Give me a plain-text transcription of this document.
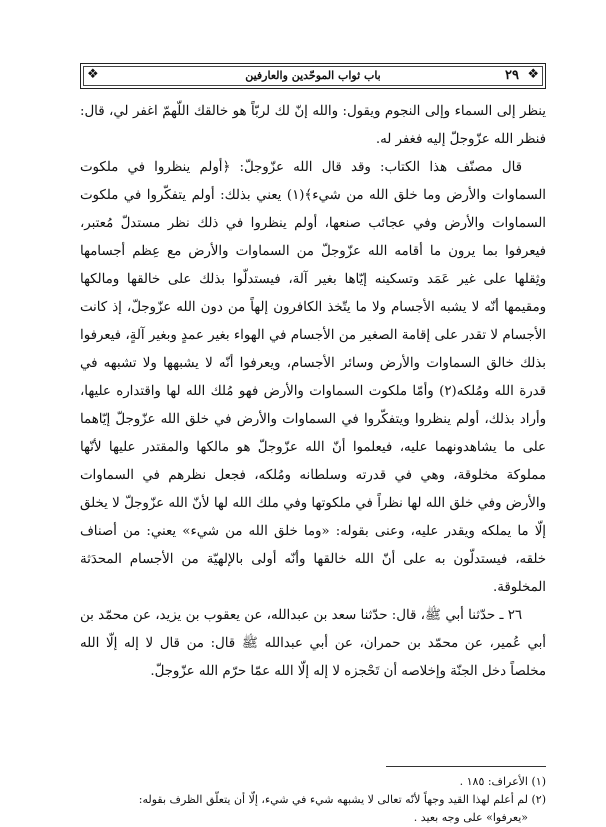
❖	باب ثواب الموحّدين والعارفين	٢٩ ❖

ينظر إلى السماء وإلى النجوم ويقول: والله إنّ لك لربّاً هو خالقك اللّهمّ اغفر لي، قال: فنظر الله عزّوجلّ إليه فغفر له.

قال مصنّف هذا الكتاب: وقد قال الله عزّوجلّ: ﴿أولم ينظروا في ملكوت السماوات والأرض وما خلق الله من شيء﴾(١) يعني بذلك: أولم يتفكّروا في ملكوت السماوات والأرض وفي عجائب صنعها، أولم ينظروا في ذلك نظر مستدلّ مُعتبر، فيعرفوا بما يرون ما أقامه الله عزّوجلّ من السماوات والأرض مع عِظم أجسامها وثِقلها على غير عَمَد وتسكينه إيّاها بغير آلة، فيستدلّوا بذلك على خالقها ومالكها ومقيمها أنّه لا يشبه الأجسام ولا ما يتّخذ الكافرون إلهاً من دون الله عزّوجلّ، إذ كانت الأجسام لا تقدر على إقامة الصغير من الأجسام في الهواء بغير عمدٍ وبغير آلةٍ، فيعرفوا بذلك خالق السماوات والأرض وسائر الأجسام، ويعرفوا أنّه لا يشبهها ولا تشبهه في قدرة الله ومُلكه(٢) وأمّا ملكوت السماوات والأرض فهو مُلك الله لها واقتداره عليها، وأراد بذلك، أولم ينظروا ويتفكّروا في السماوات والأرض في خلق الله عزّوجلّ إيّاهما على ما يشاهدونهما عليه، فيعلموا أنّ الله عزّوجلّ هو مالكها والمقتدر عليها لأنّها مملوكة مخلوقة، وهي في قدرته وسلطانه ومُلكه، فجعل نظرهم في السماوات والأرض وفي خلق الله لها نظراً في ملكوتها وفي ملك الله لها لأنّ الله عزّوجلّ لا يخلق إلّا ما يملكه ويقدر عليه، وعنى بقوله: «وما خلق الله من شيء» يعني: من أصناف خلقه، فيستدلّون به على أنّ الله خالقها وأنّه أولى بالإلهيّة من الأجسام المحدَثة المخلوقة.

٢٦ ـ حدّثنا أبي ﷺ، قال: حدّثنا سعد بن عبدالله، عن يعقوب بن يزيد، عن محمّد بن أبي عُمير، عن محمّد بن حمران، عن أبي عبدالله ﷺ قال: من قال لا إله إلّا الله مخلصاً دخل الجنّة وإخلاصه أن تَحْجزه لا إله إلّا الله عمّا حرّم الله عزّوجلّ.

(١) الأعراف: ١٨٥ .

(٢) لم أعلم لهذا القيد وجهاً لأنّه تعالى لا يشبهه شيء في شيء، إلّا أن يتعلّق الظرف بقوله:

«يعرفوا» على وجه بعيد .
